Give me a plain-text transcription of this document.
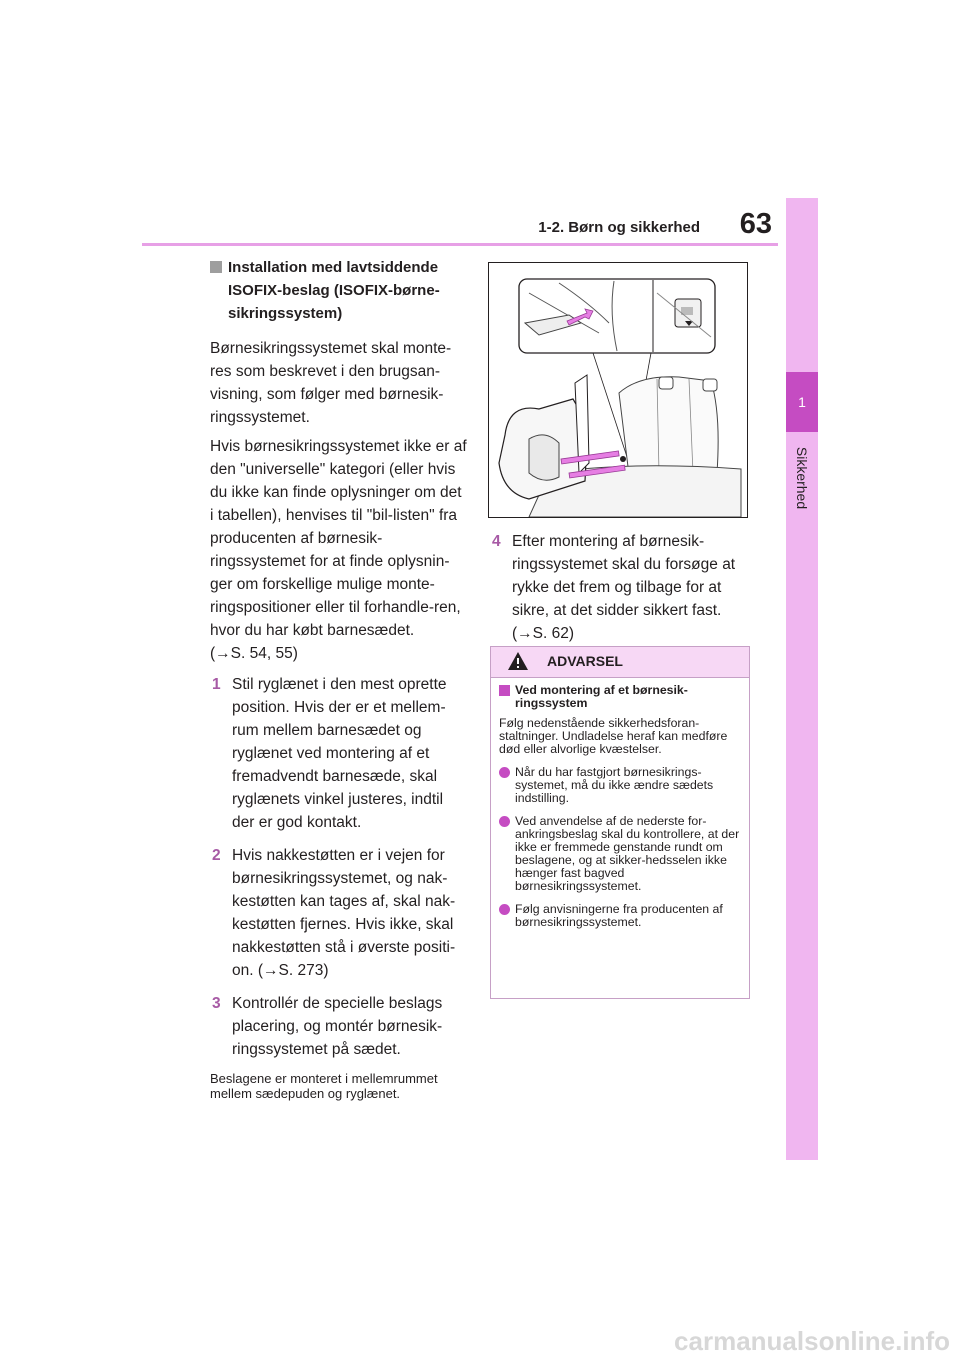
1-2. Børn og sikkerhed	63
1
Sikkerhed
Installation med lavtsiddende ISOFIX-beslag (ISOFIX-børne-sikringssystem)
Børnesikringssystemet skal monte-res som beskrevet i den brugsan-visning, som følger med børnesik-ringssystemet.
Hvis børnesikringssystemet ikke er af den "universelle" kategori (eller hvis du ikke kan finde oplysninger om det i tabellen), henvises til "bil-listen" fra producenten af børnesik-ringssystemet for at finde oplysnin-ger om forskellige mulige monte-ringspositioner eller til forhandle-ren, hvor du har købt barnesædet.
(→S. 54, 55)
1 Stil ryglænet i den mest oprette position. Hvis der er et mellem-rum mellem barnesædet og ryglænet ved montering af et fremadvendt barnesæde, skal ryglænets vinkel justeres, indtil der er god kontakt.
2 Hvis nakkestøtten er i vejen for børnesikringssystemet, og nak-kestøtten kan tages af, skal nak-kestøtten fjernes. Hvis ikke, skal nakkestøtten stå i øverste positi-on. (→S. 273)
3 Kontrollér de specielle beslags placering, og montér børnesik-ringssystemet på sædet.
Beslagene er monteret i mellemrummet mellem sædepuden og ryglænet.
4 Efter montering af børnesik-ringssystemet skal du forsøge at rykke det frem og tilbage for at sikre, at det sidder sikkert fast. (→S. 62)
ADVARSEL
Ved montering af et børnesik-ringssystem
Følg nedenstående sikkerhedsforan-staltninger. Undladelse heraf kan medføre død eller alvorlige kvæstelser.
Når du har fastgjort børnesikrings-systemet, må du ikke ændre sædets indstilling.
Ved anvendelse af de nederste for-ankringsbeslag skal du kontrollere, at der ikke er fremmede genstande rundt om beslagene, og at sikker-hedsselen ikke hænger fast bagved børnesikringssystemet.
Følg anvisningerne fra producenten af børnesikringssystemet.
carmanualsonline.info
